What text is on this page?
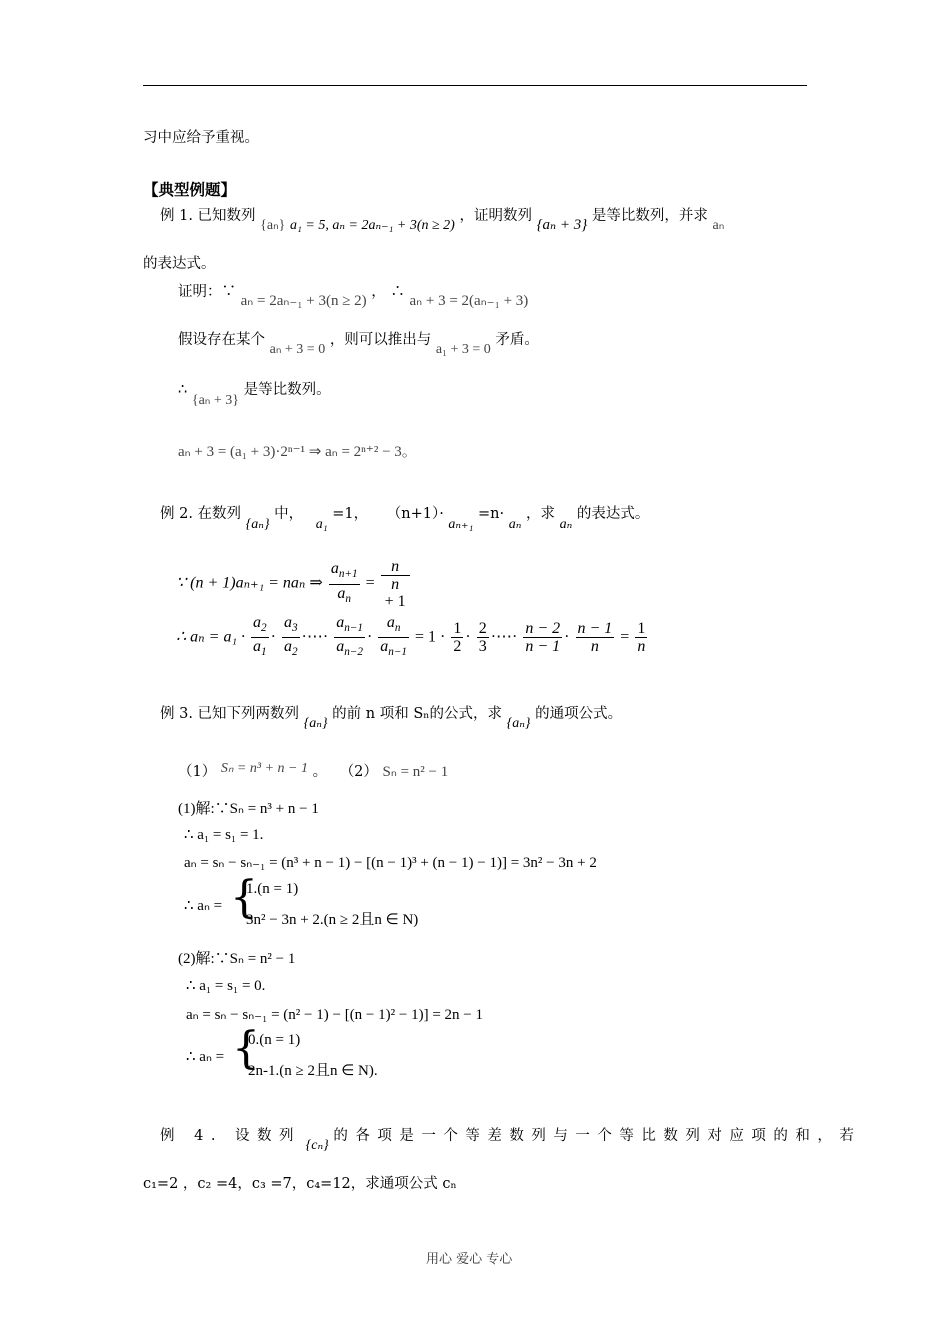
习中应给予重视。
【典型例题】
例 1. 已知数列 {aₙ} a₁ = 5, aₙ = 2aₙ₋₁ + 3(n ≥ 2) ，证明数列 {aₙ + 3} 是等比数列，并求 aₙ
的表达式。
证明：∵ aₙ = 2aₙ₋₁ + 3(n ≥ 2) ， ∴ aₙ + 3 = 2(aₙ₋₁ + 3)
假设存在某个 aₙ + 3 = 0 ，则可以推出与 a₁ + 3 = 0 矛盾。
∴ {aₙ + 3} 是等比数列。
aₙ + 3 = (a₁ + 3)·2ⁿ⁻¹ ⇒ aₙ = 2ⁿ⁺² − 3。
例 2. 在数列 {aₙ} 中， a₁ =1， （n+1）· aₙ₊₁ =n· aₙ ，求 aₙ 的表达式。
∵ (n + 1)aₙ₊₁ = naₙ ⇒ $\frac{a_{n+1}}{a_n} = n$
n
+ 1
∴ $a_n = a_1 \cdot \frac{a_2}{a_1} \cdot \frac{a_3}{a_2}$ ·⋯· $\frac{a_{n-1}}{a_{n-2}} \cdot \frac{a_n}{a_{n-1}} = 1 \cdot \frac{1}{2} \cdot \frac{2}{3}$ ·⋯· $\frac{n - 2}{n - 1} \cdot \frac{n - 1}{n} = \frac{1}{n}$
例 3. 已知下列两数列 {aₙ} 的前 n 项和 Sₙ的公式，求 {aₙ} 的通项公式。
（1） Sₙ = n³ + n − 1 。 （2） Sₙ = n² − 1
(1)解:∵Sₙ = n³ + n − 1
∴ a₁ = s₁ = 1.
aₙ = sₙ − sₙ₋₁ = (n³ + n − 1) − [(n − 1)³ + (n − 1) − 1)] = 3n² − 3n + 2
∴ aₙ = {
1.(n = 1)
3n² − 3n + 2.(n ≥ 2且n ∈ N)
(2)解:∵Sₙ = n² − 1
∴ a₁ = s₁ = 0.
aₙ = sₙ − sₙ₋₁ = (n² − 1) − [(n − 1)² − 1)] = 2n − 1
∴ aₙ = {
0.(n = 1)
2n-1.(n ≥ 2且n ∈ N).
例 4. 设数列 {cₙ} 的各项是一个等差数列与一个等比数列对应项的和，若
c₁=2 ，c₂ =4，c₃ =7，c₄=12，求通项公式 cₙ
用心 爱心 专心
